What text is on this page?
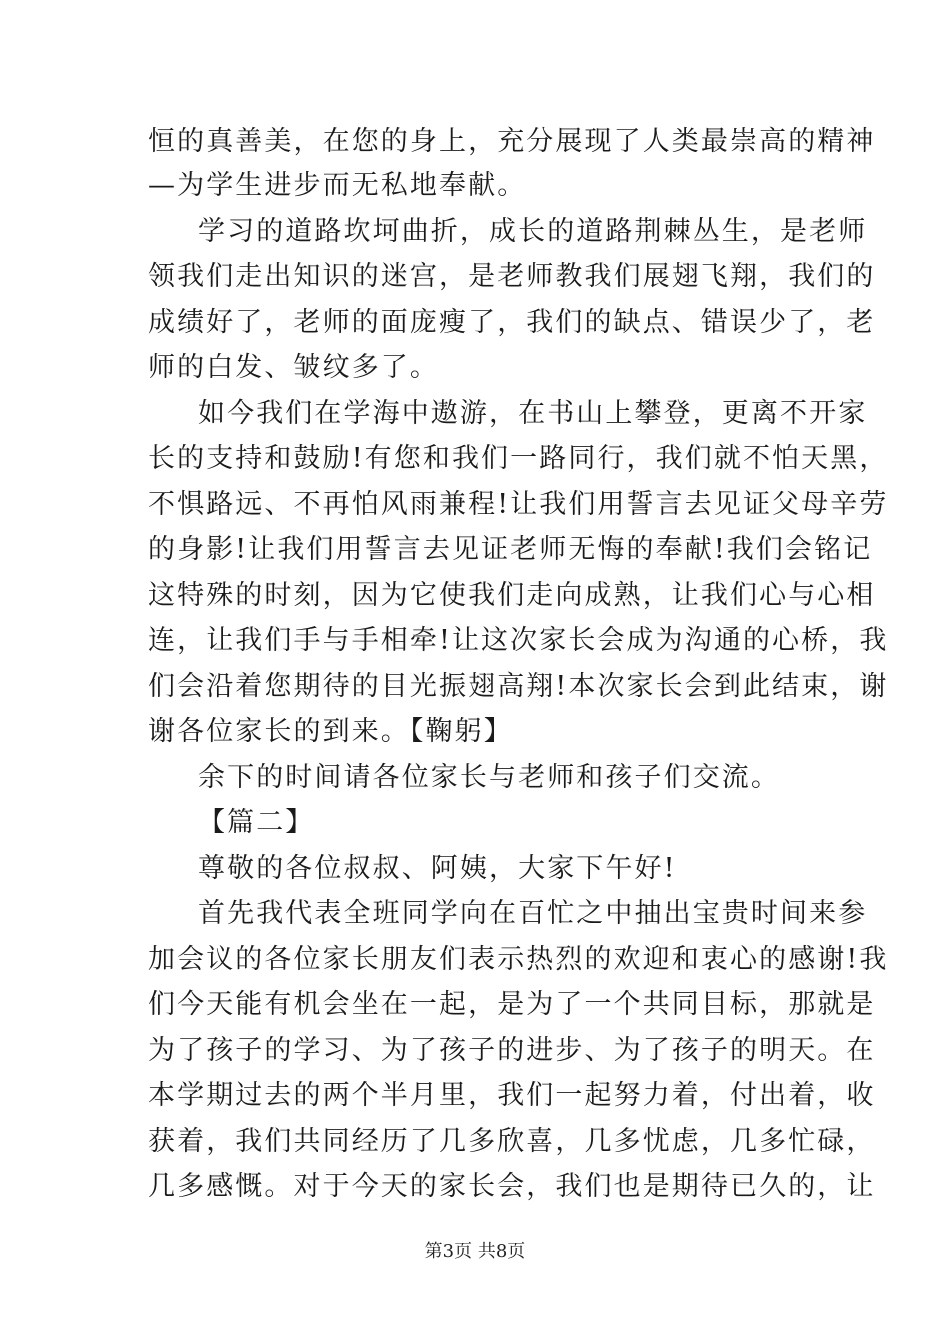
恒的真善美，在您的身上，充分展现了人类最崇高的精神
—为学生进步而无私地奉献。
学习的道路坎坷曲折，成长的道路荆棘丛生，是老师
领我们走出知识的迷宫，是老师教我们展翅飞翔，我们的
成绩好了，老师的面庞瘦了，我们的缺点、错误少了，老
师的白发、皱纹多了。
如今我们在学海中遨游，在书山上攀登，更离不开家
长的支持和鼓励!有您和我们一路同行，我们就不怕天黑，
不惧路远、不再怕风雨兼程!让我们用誓言去见证父母辛劳
的身影!让我们用誓言去见证老师无悔的奉献!我们会铭记
这特殊的时刻，因为它使我们走向成熟，让我们心与心相
连，让我们手与手相牵!让这次家长会成为沟通的心桥，我
们会沿着您期待的目光振翅高翔!本次家长会到此结束，谢
谢各位家长的到来。【鞠躬】
余下的时间请各位家长与老师和孩子们交流。
【篇二】
尊敬的各位叔叔、阿姨，大家下午好!
首先我代表全班同学向在百忙之中抽出宝贵时间来参
加会议的各位家长朋友们表示热烈的欢迎和衷心的感谢!我
们今天能有机会坐在一起，是为了一个共同目标，那就是
为了孩子的学习、为了孩子的进步、为了孩子的明天。在
本学期过去的两个半月里，我们一起努力着，付出着，收
获着，我们共同经历了几多欣喜，几多忧虑，几多忙碌，
几多感慨。对于今天的家长会，我们也是期待已久的，让
第3页 共8页
